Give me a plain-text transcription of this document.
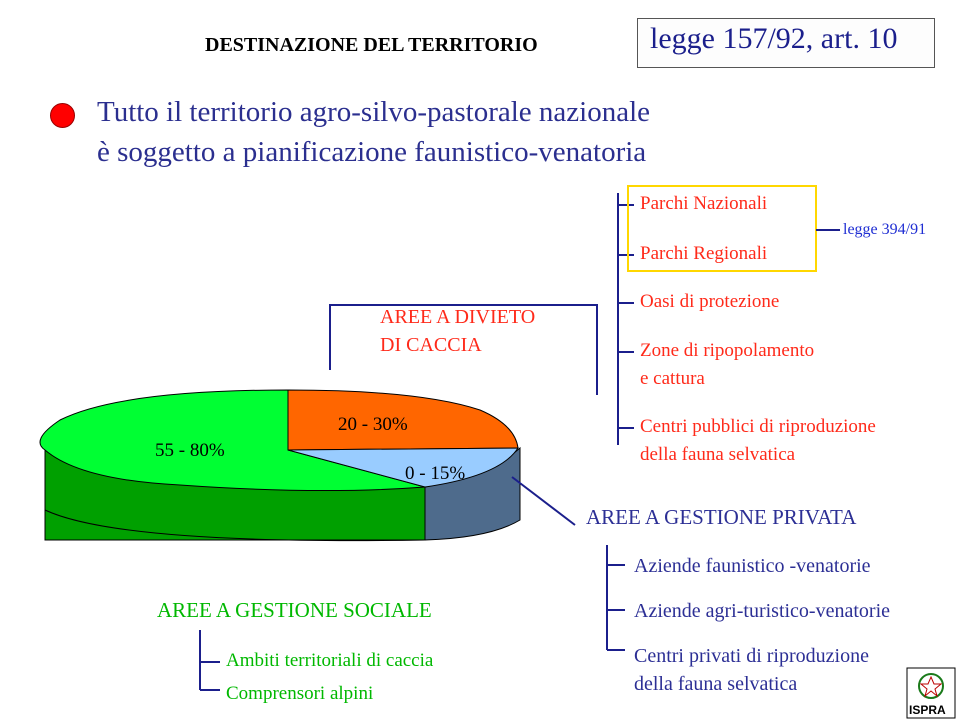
DESTINAZIONE DEL TERRITORIO	legge 157/92, art. 10
Tutto il territorio agro-silvo-pastorale nazionale
è soggetto a pianificazione faunistico-venatoria
55 - 80%
20 - 30%
0 - 15%
AREE A DIVIETO
DI CACCIA
Parchi Nazionali
Parchi Regionali
legge 394/91
Oasi di protezione
Zone di ripopolamento
e cattura
Centri pubblici di riproduzione
della fauna selvatica
AREE A GESTIONE PRIVATA
Aziende faunistico -venatorie
Aziende agri-turistico-venatorie
Centri privati di riproduzione
della fauna selvatica
AREE A GESTIONE SOCIALE
Ambiti territoriali di caccia
Comprensori alpini
ISPRA
